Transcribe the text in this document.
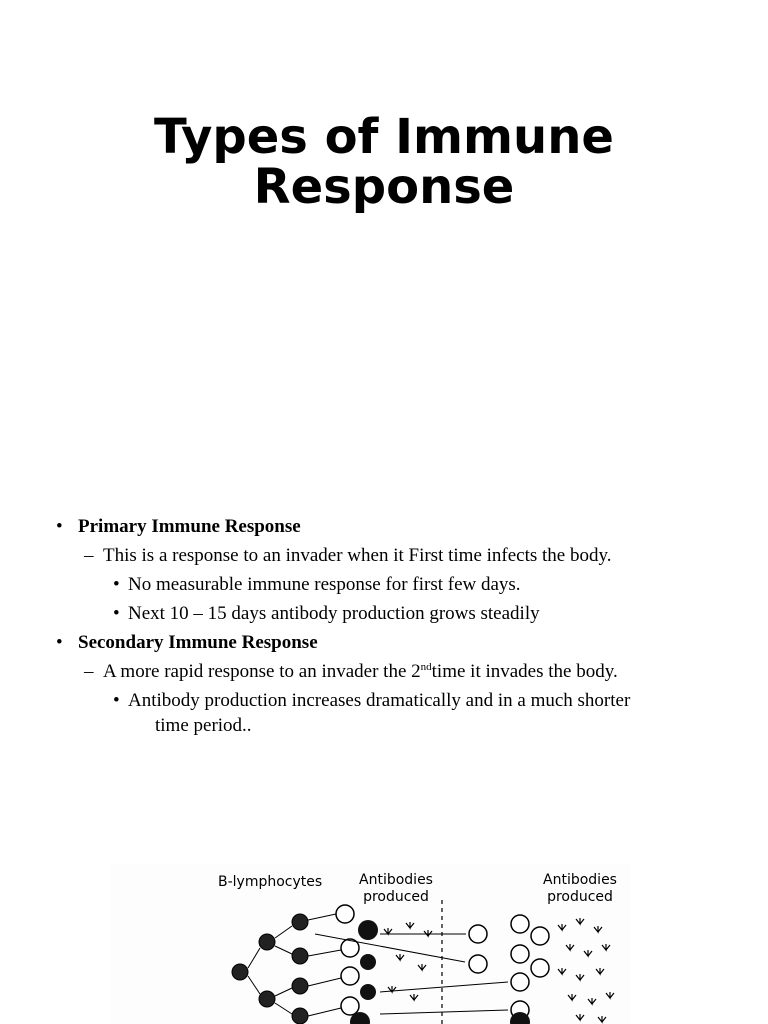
Types of Immune
Response
• Primary Immune Response
– This is a response to an invader when it First time infects the body.
• No measurable immune response for first few days.
• Next 10 – 15 days antibody production grows steadily
• Secondary Immune Response
– A more rapid response to an invader the 2ndtime it invades the body.
• Antibody production increases dramatically and in a much shorter
time period..
B-lymphocytes	Antibodies
produced
Antibodies
produced
